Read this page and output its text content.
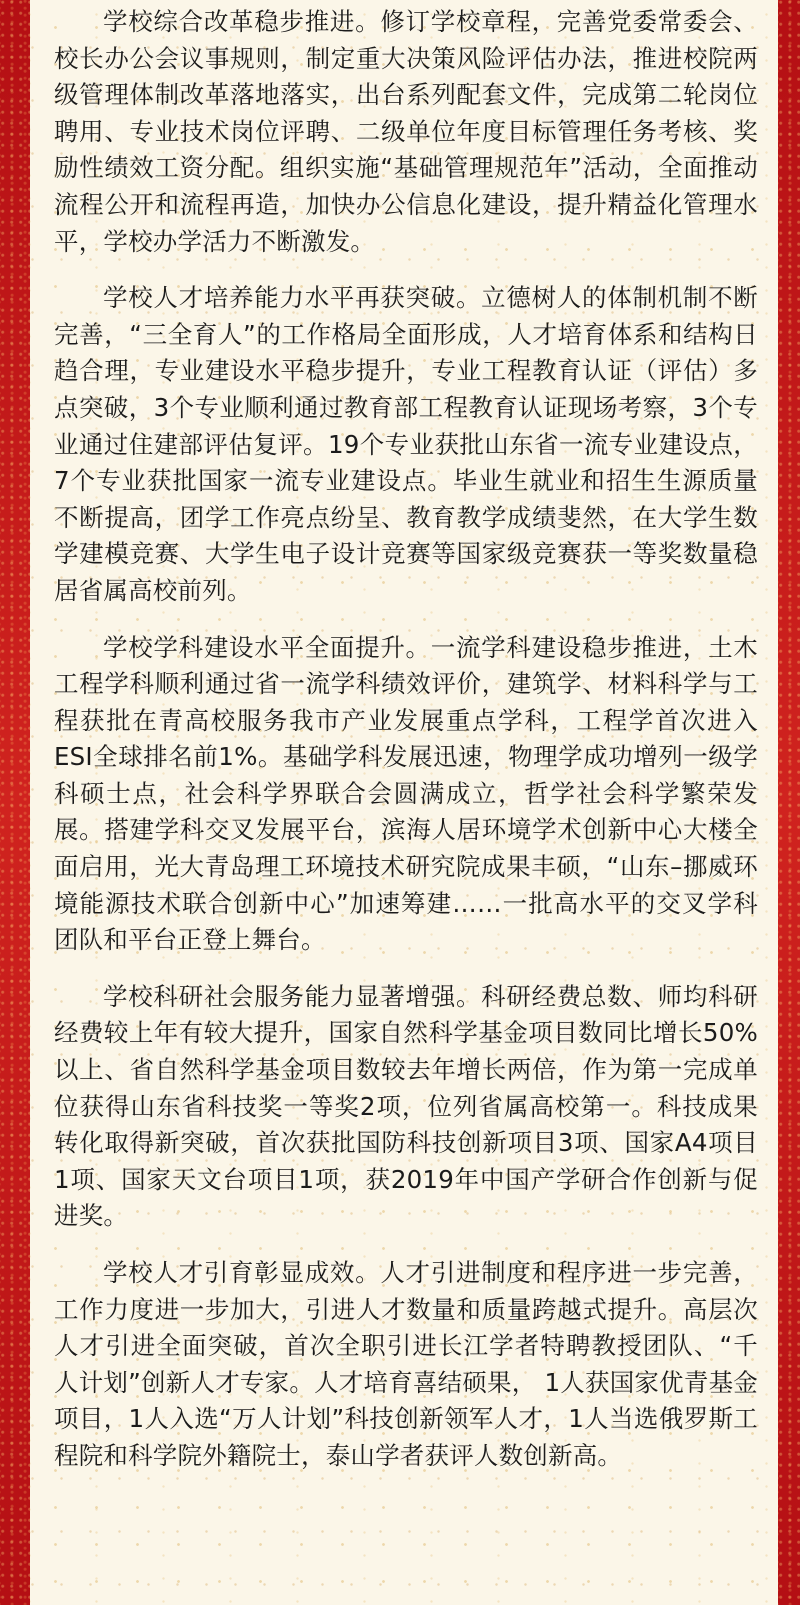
学校综合改革稳步推进。修订学校章程，完善党委常委会、校长办公会议事规则，制定重大决策风险评估办法，推进校院两级管理体制改革落地落实，出台系列配套文件，完成第二轮岗位聘用、专业技术岗位评聘、二级单位年度目标管理任务考核、奖励性绩效工资分配。组织实施“基础管理规范年”活动，全面推动流程公开和流程再造，加快办公信息化建设，提升精益化管理水平，学校办学活力不断激发。

学校人才培养能力水平再获突破。立德树人的体制机制不断完善，“三全育人”的工作格局全面形成，人才培育体系和结构日趋合理，专业建设水平稳步提升，专业工程教育认证（评估）多点突破，3个专业顺利通过教育部工程教育认证现场考察，3个专业通过住建部评估复评。19个专业获批山东省一流专业建设点，7个专业获批国家一流专业建设点。毕业生就业和招生生源质量不断提高，团学工作亮点纷呈、教育教学成绩斐然，在大学生数学建模竞赛、大学生电子设计竞赛等国家级竞赛获一等奖数量稳居省属高校前列。

学校学科建设水平全面提升。一流学科建设稳步推进，土木工程学科顺利通过省一流学科绩效评价，建筑学、材料科学与工程获批在青高校服务我市产业发展重点学科，工程学首次进入ESI全球排名前1%。基础学科发展迅速，物理学成功增列一级学科硕士点，社会科学界联合会圆满成立，哲学社会科学繁荣发展。搭建学科交叉发展平台，滨海人居环境学术创新中心大楼全面启用，光大青岛理工环境技术研究院成果丰硕，“山东–挪威环境能源技术联合创新中心”加速筹建……一批高水平的交叉学科团队和平台正登上舞台。

学校科研社会服务能力显著增强。科研经费总数、师均科研经费较上年有较大提升，国家自然科学基金项目数同比增长50%以上、省自然科学基金项目数较去年增长两倍，作为第一完成单位获得山东省科技奖一等奖2项，位列省属高校第一。科技成果转化取得新突破，首次获批国防科技创新项目3项、国家A4项目1项、国家天文台项目1项，获2019年中国产学研合作创新与促进奖。

学校人才引育彰显成效。人才引进制度和程序进一步完善，工作力度进一步加大，引进人才数量和质量跨越式提升。高层次人才引进全面突破，首次全职引进长江学者特聘教授团队、“千人计划”创新人才专家。人才培育喜结硕果， 1人获国家优青基金项目，1人入选“万人计划”科技创新领军人才，1人当选俄罗斯工程院和科学院外籍院士，泰山学者获评人数创新高。
